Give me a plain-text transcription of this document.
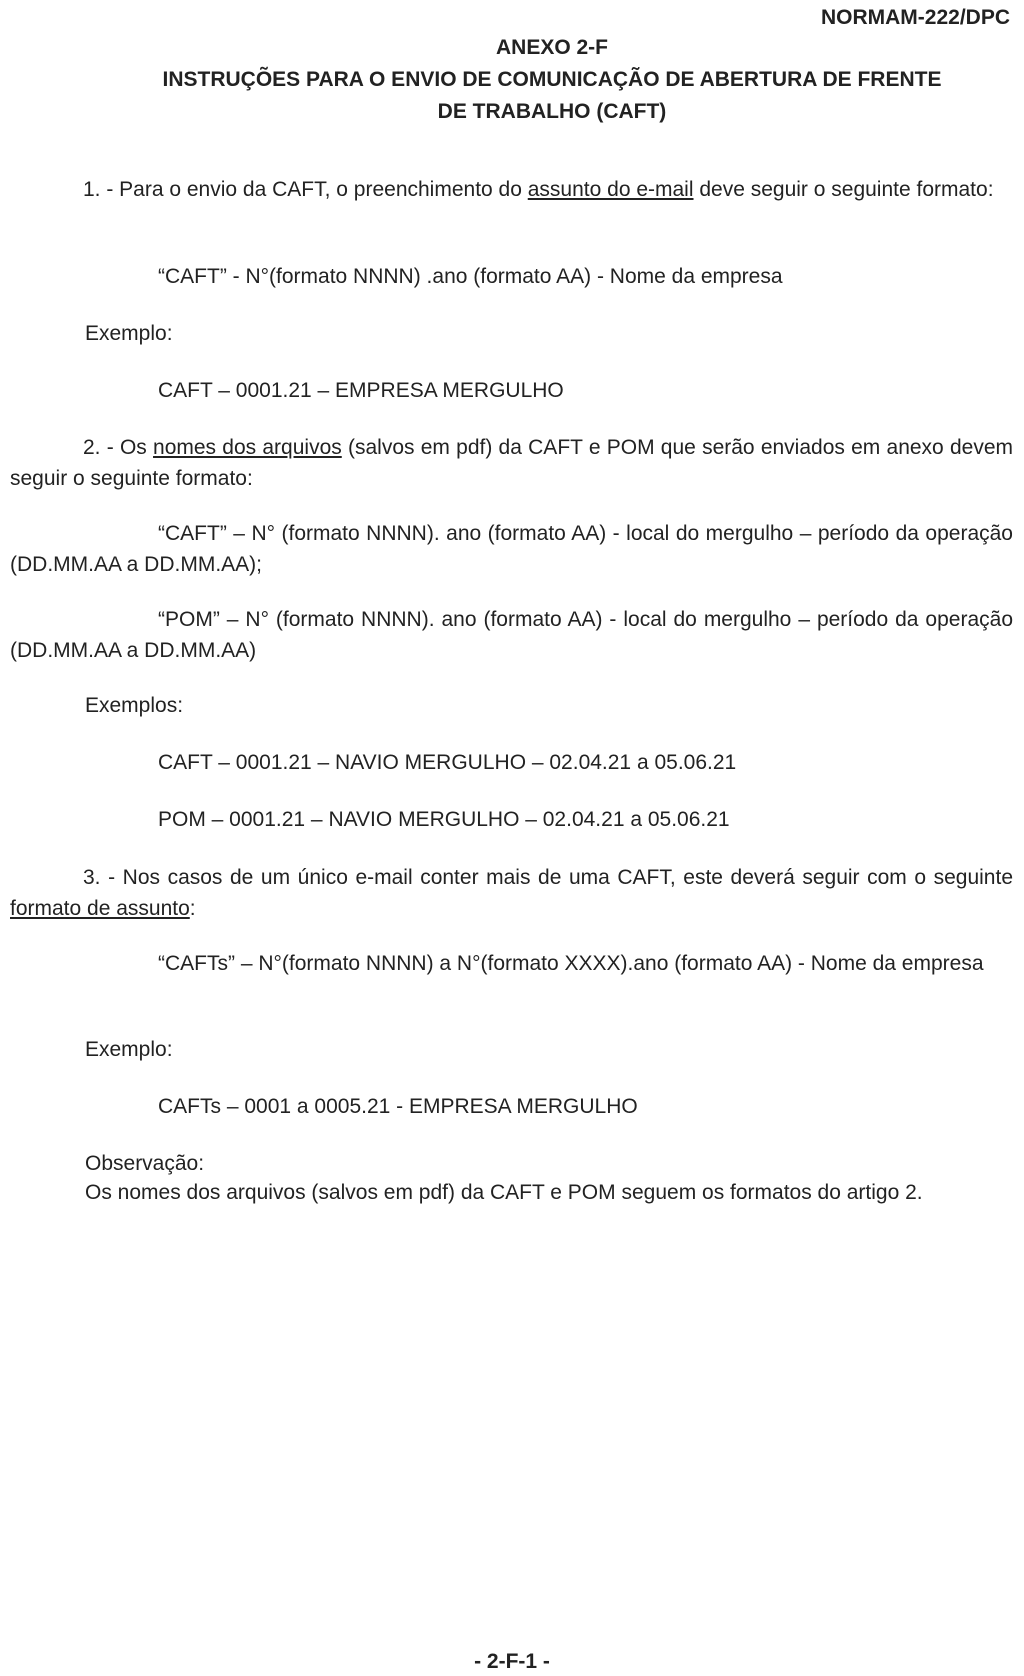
NORMAM-222/DPC
ANEXO 2-F
INSTRUÇÕES PARA O ENVIO DE COMUNICAÇÃO DE ABERTURA DE FRENTE
DE TRABALHO (CAFT)
1. - Para o envio da CAFT, o preenchimento do assunto do e-mail deve seguir o seguinte formato:
“CAFT” - N°(formato NNNN) .ano (formato AA) - Nome da empresa
Exemplo:
CAFT – 0001.21 – EMPRESA MERGULHO
2. - Os nomes dos arquivos (salvos em pdf) da CAFT e POM que serão enviados em anexo devem seguir o seguinte formato:
“CAFT” – N° (formato NNNN). ano (formato AA) - local do mergulho – período da operação (DD.MM.AA a DD.MM.AA);
“POM” – N° (formato NNNN). ano (formato AA) - local do mergulho – período da operação (DD.MM.AA a DD.MM.AA)
Exemplos:
CAFT – 0001.21 – NAVIO MERGULHO – 02.04.21 a 05.06.21
POM – 0001.21 – NAVIO MERGULHO – 02.04.21 a 05.06.21
3. - Nos casos de um único e-mail conter mais de uma CAFT, este deverá seguir com o seguinte formato de assunto:
“CAFTs” – N°(formato NNNN) a N°(formato XXXX).ano (formato AA) - Nome da empresa
Exemplo:
CAFTs – 0001 a 0005.21 - EMPRESA MERGULHO
Observação:
Os nomes dos arquivos (salvos em pdf) da CAFT e POM seguem os formatos do artigo 2.
- 2-F-1 -
